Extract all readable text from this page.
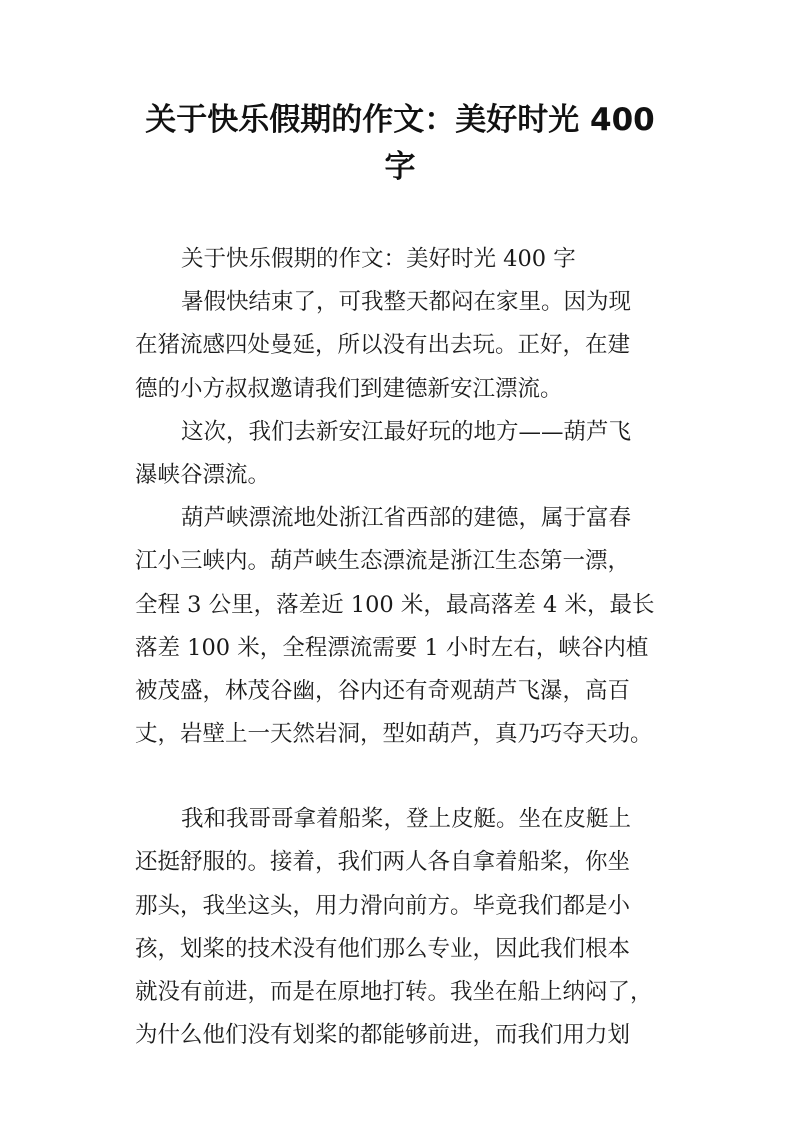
关于快乐假期的作文：美好时光 400
字
关于快乐假期的作文：美好时光 400 字
暑假快结束了，可我整天都闷在家里。因为现
在猪流感四处曼延，所以没有出去玩。正好，在建
德的小方叔叔邀请我们到建德新安江漂流。
这次，我们去新安江最好玩的地方——葫芦飞
瀑峡谷漂流。
葫芦峡漂流地处浙江省西部的建德，属于富春
江小三峡内。葫芦峡生态漂流是浙江生态第一漂，
全程 3 公里，落差近 100 米，最高落差 4 米，最长
落差 100 米，全程漂流需要 1 小时左右，峡谷内植
被茂盛，林茂谷幽，谷内还有奇观葫芦飞瀑，高百
丈，岩壁上一天然岩洞，型如葫芦，真乃巧夺天功。
我和我哥哥拿着船桨，登上皮艇。坐在皮艇上
还挺舒服的。接着，我们两人各自拿着船桨，你坐
那头，我坐这头，用力滑向前方。毕竟我们都是小
孩，划桨的技术没有他们那么专业，因此我们根本
就没有前进，而是在原地打转。我坐在船上纳闷了，
为什么他们没有划桨的都能够前进，而我们用力划
